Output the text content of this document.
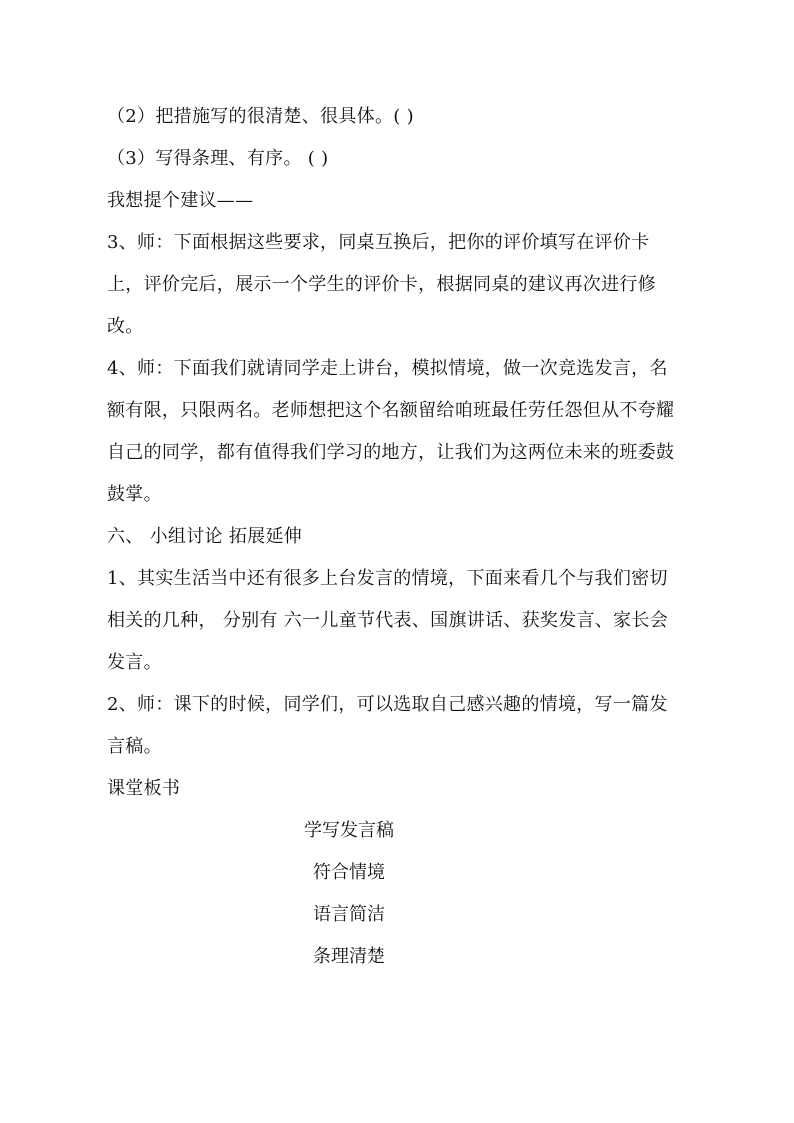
（2）把措施写的很清楚、很具体。( )
（3）写得条理、有序。 ( )
我想提个建议——
3、师：下面根据这些要求，同桌互换后，把你的评价填写在评价卡
上，评价完后，展示一个学生的评价卡，根据同桌的建议再次进行修
改。
4、师：下面我们就请同学走上讲台，模拟情境，做一次竞选发言，名
额有限，只限两名。老师想把这个名额留给咱班最任劳任怨但从不夸耀
自己的同学，都有值得我们学习的地方，让我们为这两位未来的班委鼓
鼓掌。
六、 小组讨论 拓展延伸
1、其实生活当中还有很多上台发言的情境，下面来看几个与我们密切
相关的几种， 分别有 六一儿童节代表、国旗讲话、获奖发言、家长会
发言。
2、师：课下的时候，同学们，可以选取自己感兴趣的情境，写一篇发
言稿。
课堂板书
学写发言稿
符合情境
语言简洁
条理清楚
